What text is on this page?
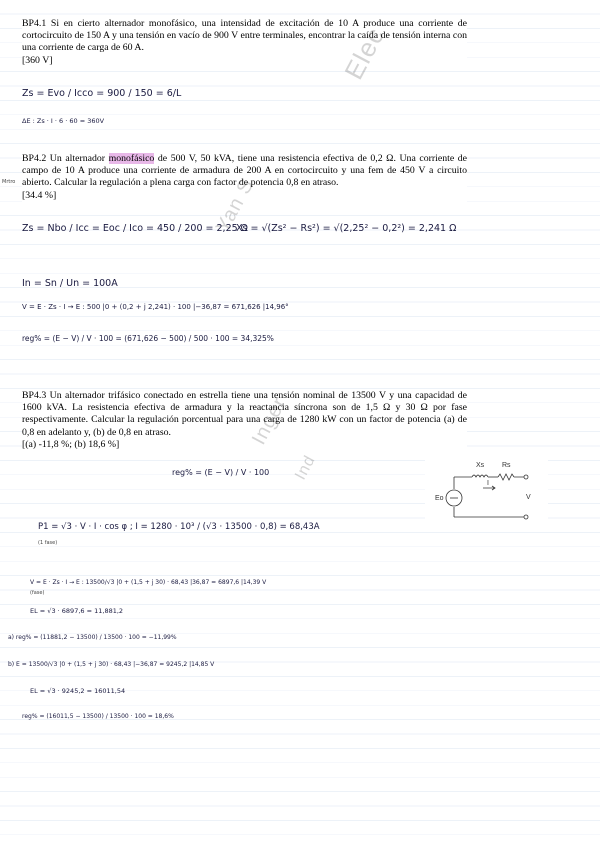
BP4.1 Si en cierto alternador monofásico, una intensidad de excitación de 10 A produce una corriente de cortocircuito de 150 A y una tensión en vacío de 900 V entre terminales, encontrar la caída de tensión interna con una corriente de carga de 60 A.

[360 V]
Zs = Evo / Icco = 900 / 150 = 6/L
ΔE : Zs · I · 6 · 60 = 360V

BP4.2 Un alternador monofásico de 500 V, 50 kVA, tiene una resistencia efectiva de 0,2 Ω. Una corriente de campo de 10 A produce una corriente de armadura de 200 A en cortocircuito y una fem de 450 V a circuito abierto. Calcular la regulación a plena carga con factor de potencia 0,8 en atraso.

[34.4 %]
Mrtro
Zs = Nbo / Icc = Eoc / Ico = 450 / 200 = 2,25 Ω
Xs = √(Zs² − Rs²) = √(2,25² − 0,2²) = 2,241 Ω
In = Sn / Un = 100A
V = E · Zs · I → E : 500 |0 + (0,2 + j 2,241) · 100 |−36,87 = 671,626 |14,96°
reg% = (E − V) / V · 100 = (671,626 − 500) / 500 · 100 = 34,325%

BP4.3 Un alternador trifásico conectado en estrella tiene una tensión nominal de 13500 V y una capacidad de 1600 kVA. La resistencia efectiva de armadura y la reactancia síncrona son de 1,5 Ω y 30 Ω por fase respectivamente. Calcular la regulación porcentual para una carga de 1280 kW con un factor de potencia (a) de 0,8 en adelanto y, (b) de 0,8 en atraso.

[(a) -11,8 %; (b) 18,6 %]
reg% = (E − V) / V · 100
Xs	Rs
Eo	V
I
P1 = √3 · V · I · cos φ ; I = 1280 · 10³ / (√3 · 13500 · 0,8) = 68,43A
(1 fase)
V = E · Zs · I → E : 13500/√3 |0 + (1,5 + j 30) · 68,43 |36,87 = 6897,6 |14,39 V
(fase)
EL = √3 · 6897,6 = 11,881,2
a) reg% = (11881,2 − 13500) / 13500 · 100 = −11,99%
b) E = 13500/√3 |0 + (1,5 + j 30) · 68,43 |−36,87 = 9245,2 |14,85 V
EL = √3 · 9245,2 = 16011,54
reg% = (16011,5 − 13500) / 13500 · 100 = 18,6%
Elec
Yan S
Inger
Ind
